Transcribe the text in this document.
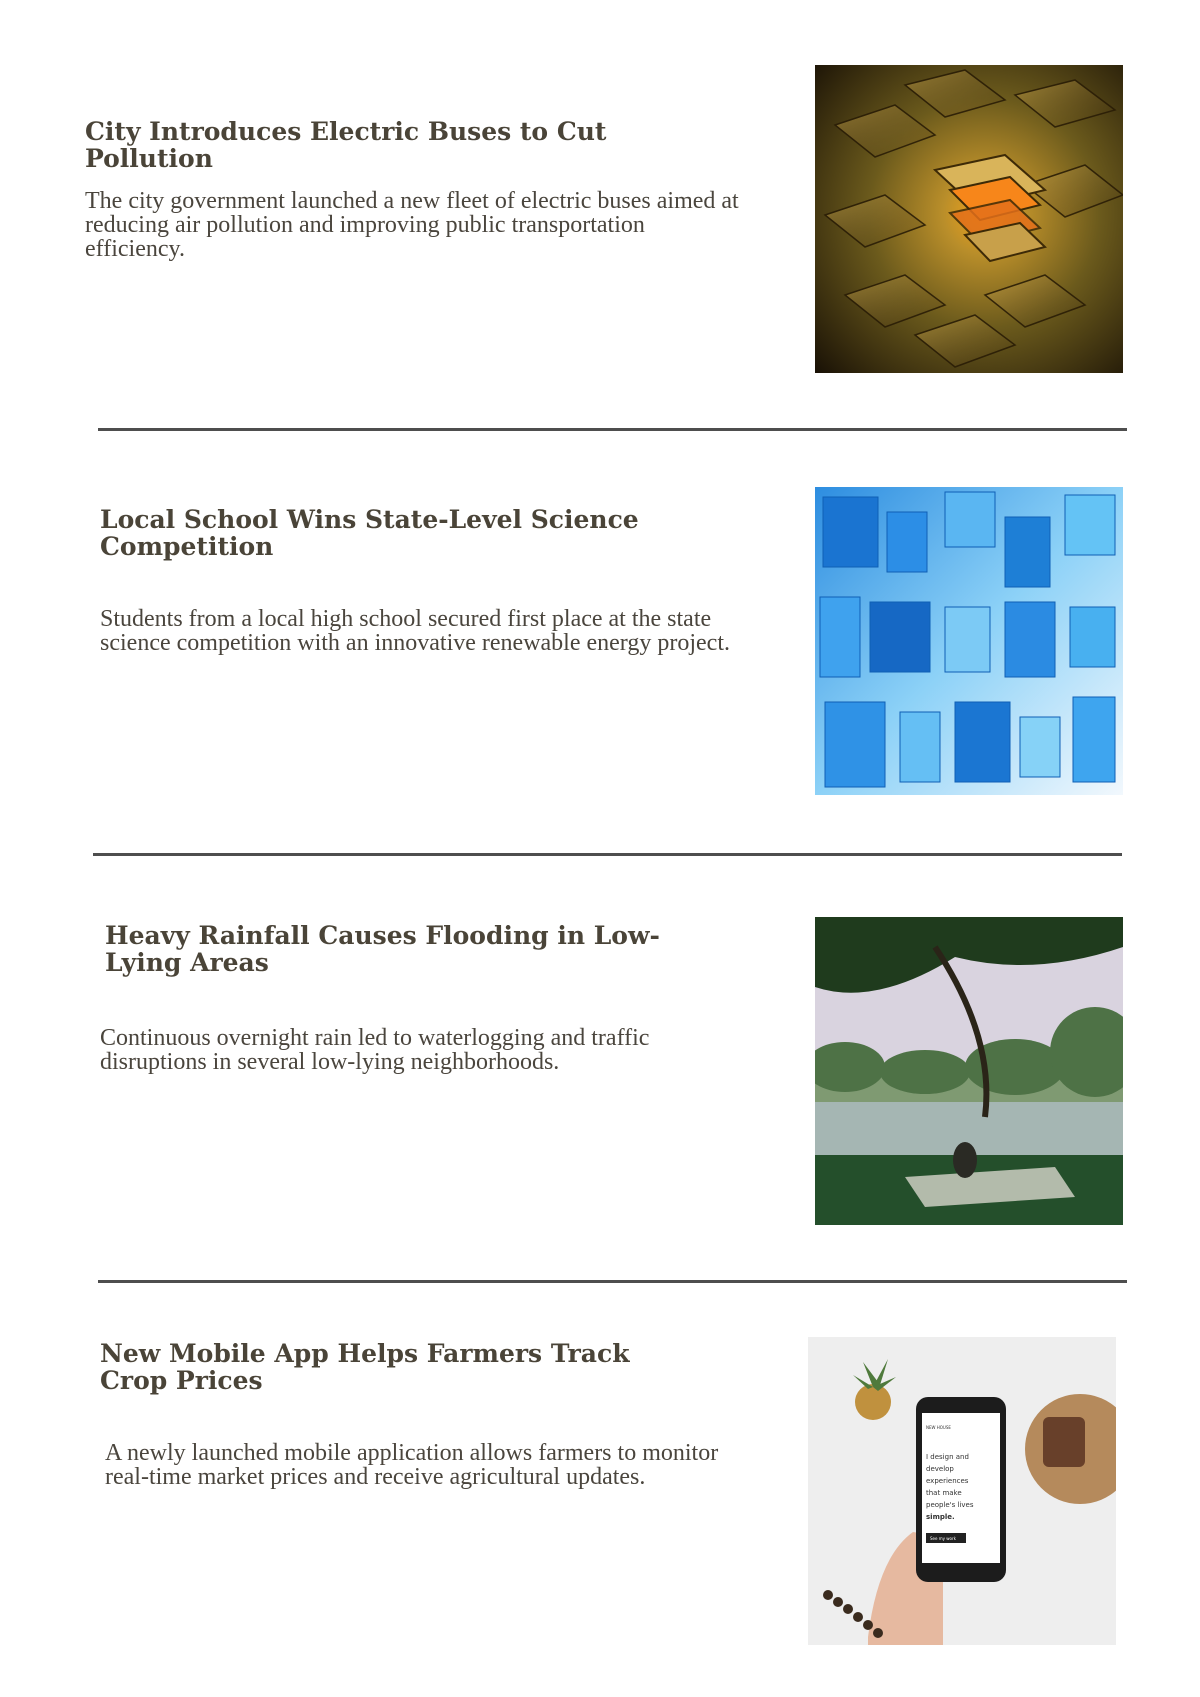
City Introduces Electric Buses to Cut Pollution

The city government launched a new fleet of electric buses aimed at reducing air pollution and improving public transportation efficiency.

Local School Wins State-Level Science Competition

Students from a local high school secured first place at the state science competition with an innovative renewable energy project.

Heavy Rainfall Causes Flooding in Low-Lying Areas

Continuous overnight rain led to waterlogging and traffic disruptions in several low-lying neighborhoods.

New Mobile App Helps Farmers Track Crop Prices

A newly launched mobile application allows farmers to monitor real-time market prices and receive agricultural updates.

NEW HOUSE
I design and
develop
experiences
that make
people's lives
simple.
See my work
